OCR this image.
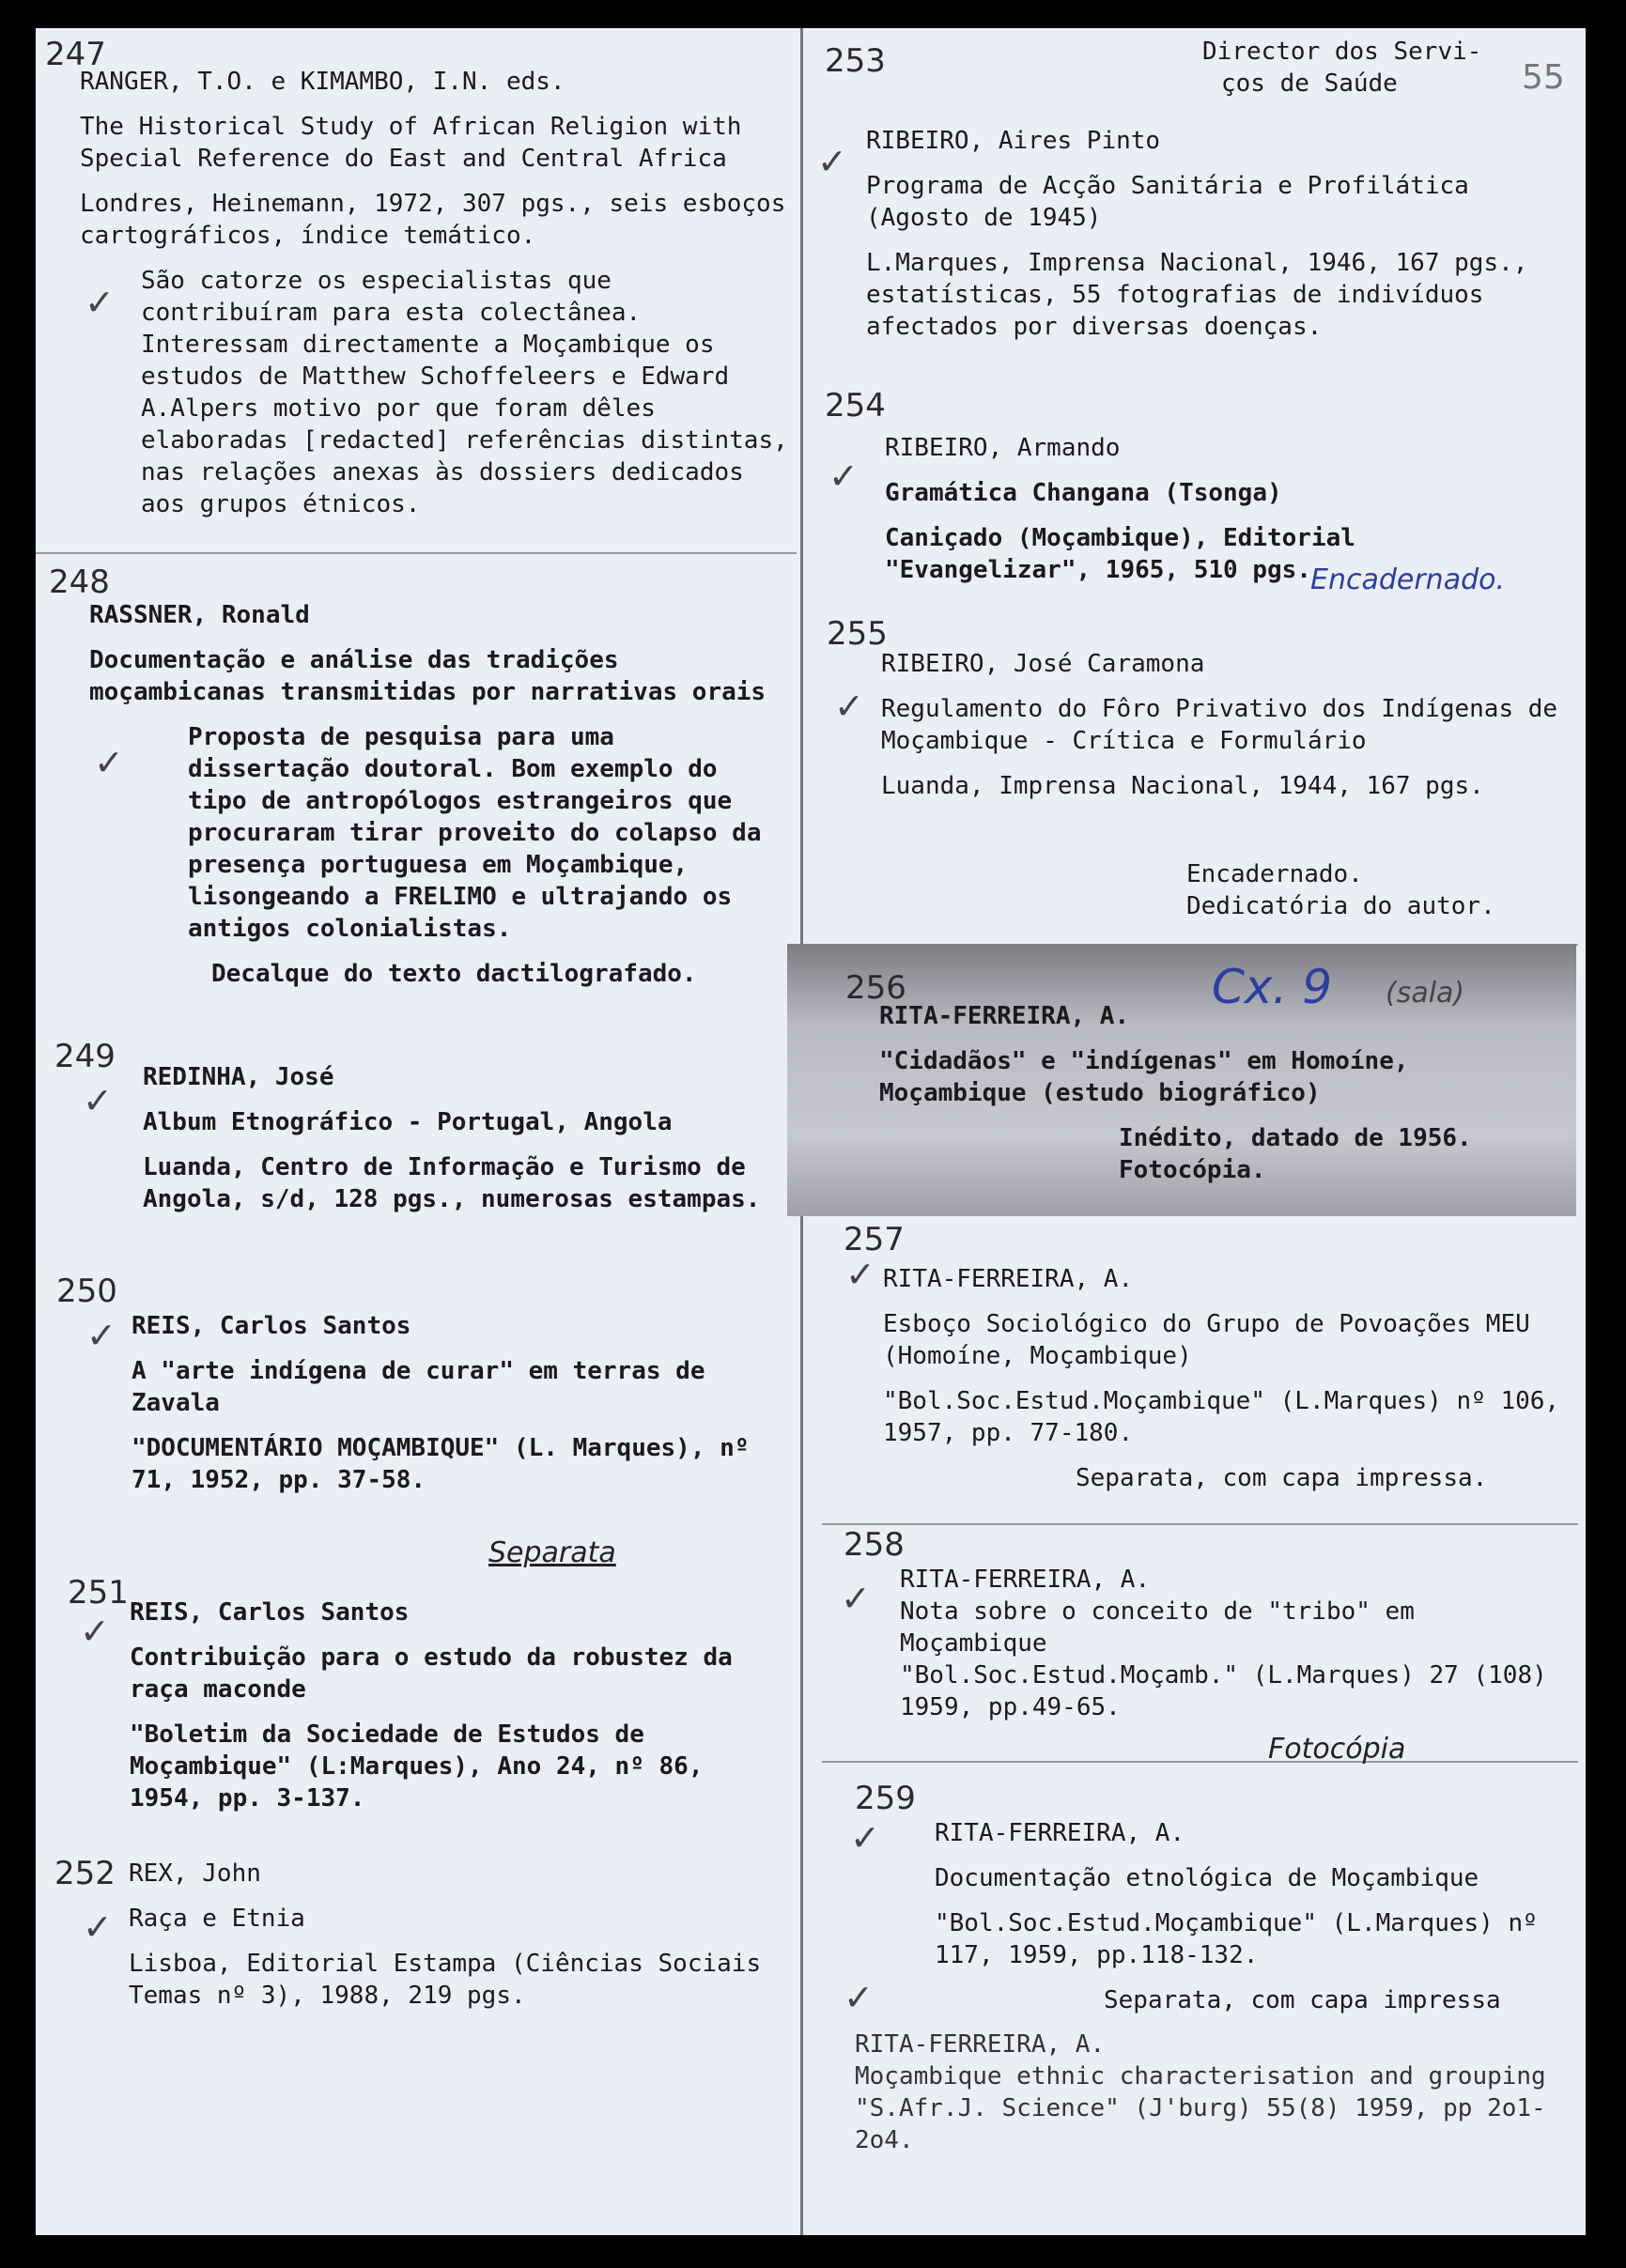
55

Director dos Servi-

ços de Saúde

247

RANGER, T.O. e KIMAMBO, I.N. eds.

The Historical Study of African Religion with Special Reference do East and Central Africa

Londres, Heinemann, 1972, 307 pgs., seis esboços cartográficos, índice temático.

São catorze os especialistas que contribuíram para esta colectânea. Interessam directamente a Moçambique os estudos de Matthew Schoffeleers e Edward A.Alpers motivo por que foram dêles elaboradas [redacted] referências distintas, nas relações anexas às dossiers dedicados aos grupos étnicos.

✓
248

RASSNER, Ronald

Documentação e análise das tradições moçambicanas transmitidas por narrativas orais

Proposta de pesquisa para uma dissertação doutoral. Bom exemplo do tipo de antropólogos estrangeiros que procuraram tirar proveito do colapso da presença portuguesa em Moçambique, lisongeando a FRELIMO e ultrajando os antigos colonialistas.

Decalque do texto dactilografado.

✓
249

REDINHA, José

Album Etnográfico - Portugal, Angola

Luanda, Centro de Informação e Turismo de Angola, s/d, 128 pgs., numerosas estampas.

✓
250

REIS, Carlos Santos

A "arte indígena de curar" em terras de Zavala

"DOCUMENTÁRIO MOÇAMBIQUE" (L. Marques), nº 71, 1952, pp. 37-58.

✓
Separata
251

REIS, Carlos Santos

Contribuição para o estudo da robustez da raça maconde

"Boletim da Sociedade de Estudos de Moçambique" (L:Marques), Ano 24, nº 86, 1954, pp. 3-137.

✓
252 REX, John

Raça e Etnia

Lisboa, Editorial Estampa (Ciências Sociais Temas nº 3), 1988, 219 pgs.

✓
253

RIBEIRO, Aires Pinto

Programa de Acção Sanitária e Profilática (Agosto de 1945)

L.Marques, Imprensa Nacional, 1946, 167 pgs., estatísticas, 55 fotografias de indivíduos afectados por diversas doenças.

✓
254

RIBEIRO, Armando

Gramática Changana (Tsonga)

Caniçado (Moçambique), Editorial "Evangelizar", 1965, 510 pgs.

✓
Encadernado.
255

RIBEIRO, José Caramona

Regulamento do Fôro Privativo dos Indígenas de Moçambique - Crítica e Formulário

Luanda, Imprensa Nacional, 1944, 167 pgs.

Encadernado.

Dedicatória do autor.

✓
256

RITA-FERREIRA, A.

"Cidadãos" e "indígenas" em Homoíne, Moçambique (estudo biográfico)

Inédito, datado de 1956.

Fotocópia.

Cx. 9 (sala)
257

RITA-FERREIRA, A.

Esboço Sociológico do Grupo de Povoações MEU (Homoíne, Moçambique)

"Bol.Soc.Estud.Moçambique" (L.Marques) nº 106, 1957, pp. 77-180.

Separata, com capa impressa.

✓
258

RITA-FERREIRA, A.

Nota sobre o conceito de "tribo" em Moçambique

"Bol.Soc.Estud.Moçamb." (L.Marques) 27 (108) 1959, pp.49-65.

✓
Fotocópia
259

RITA-FERREIRA, A.

Documentação etnológica de Moçambique

"Bol.Soc.Estud.Moçambique" (L.Marques) nº 117, 1959, pp.118-132.

Separata, com capa impressa

✓

RITA-FERREIRA, A.

Moçambique ethnic characterisation and grouping

"S.Afr.J. Science" (J'burg) 55(8) 1959, pp 2o1-2o4.

✓
